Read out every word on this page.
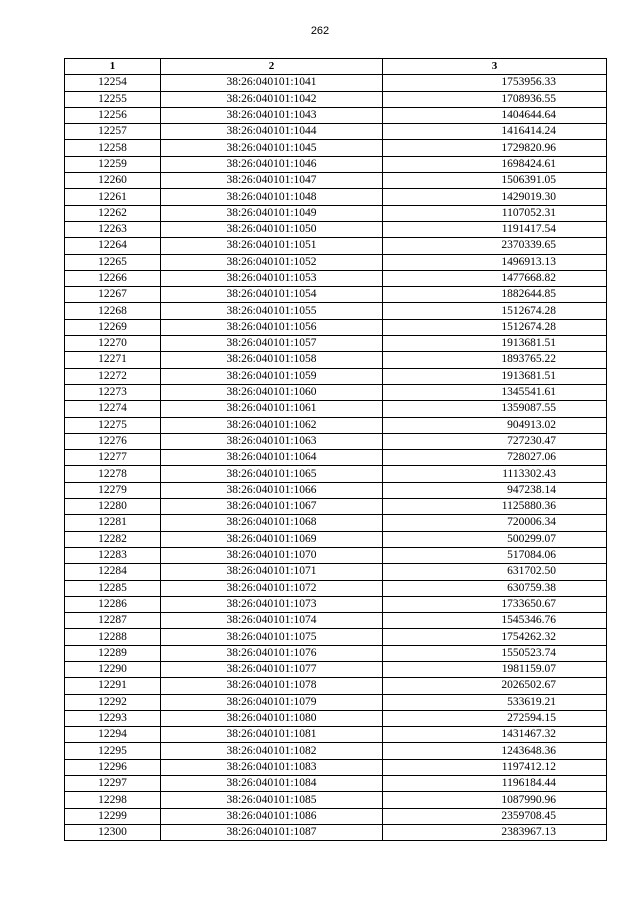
262
1	2	3
12254	38:26:040101:1041	1753956.33
12255	38:26:040101:1042	1708936.55
12256	38:26:040101:1043	1404644.64
12257	38:26:040101:1044	1416414.24
12258	38:26:040101:1045	1729820.96
12259	38:26:040101:1046	1698424.61
12260	38:26:040101:1047	1506391.05
12261	38:26:040101:1048	1429019.30
12262	38:26:040101:1049	1107052.31
12263	38:26:040101:1050	1191417.54
12264	38:26:040101:1051	2370339.65
12265	38:26:040101:1052	1496913.13
12266	38:26:040101:1053	1477668.82
12267	38:26:040101:1054	1882644.85
12268	38:26:040101:1055	1512674.28
12269	38:26:040101:1056	1512674.28
12270	38:26:040101:1057	1913681.51
12271	38:26:040101:1058	1893765.22
12272	38:26:040101:1059	1913681.51
12273	38:26:040101:1060	1345541.61
12274	38:26:040101:1061	1359087.55
12275	38:26:040101:1062	904913.02
12276	38:26:040101:1063	727230.47
12277	38:26:040101:1064	728027.06
12278	38:26:040101:1065	1113302.43
12279	38:26:040101:1066	947238.14
12280	38:26:040101:1067	1125880.36
12281	38:26:040101:1068	720006.34
12282	38:26:040101:1069	500299.07
12283	38:26:040101:1070	517084.06
12284	38:26:040101:1071	631702.50
12285	38:26:040101:1072	630759.38
12286	38:26:040101:1073	1733650.67
12287	38:26:040101:1074	1545346.76
12288	38:26:040101:1075	1754262.32
12289	38:26:040101:1076	1550523.74
12290	38:26:040101:1077	1981159.07
12291	38:26:040101:1078	2026502.67
12292	38:26:040101:1079	533619.21
12293	38:26:040101:1080	272594.15
12294	38:26:040101:1081	1431467.32
12295	38:26:040101:1082	1243648.36
12296	38:26:040101:1083	1197412.12
12297	38:26:040101:1084	1196184.44
12298	38:26:040101:1085	1087990.96
12299	38:26:040101:1086	2359708.45
12300	38:26:040101:1087	2383967.13
